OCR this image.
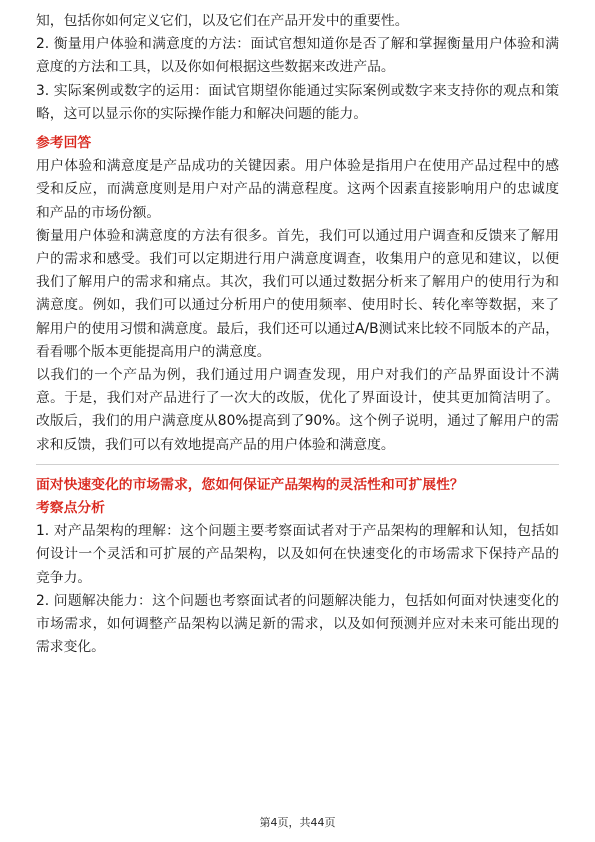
知，包括你如何定义它们，以及它们在产品开发中的重要性。

2. 衡量用户体验和满意度的方法：面试官想知道你是否了解和掌握衡量用户体验和满意度的方法和工具，以及你如何根据这些数据来改进产品。

3. 实际案例或数字的运用：面试官期望你能通过实际案例或数字来支持你的观点和策略，这可以显示你的实际操作能力和解决问题的能力。

参考回答

用户体验和满意度是产品成功的关键因素。用户体验是指用户在使用产品过程中的感受和反应，而满意度则是用户对产品的满意程度。这两个因素直接影响用户的忠诚度和产品的市场份额。

衡量用户体验和满意度的方法有很多。首先，我们可以通过用户调查和反馈来了解用户的需求和感受。我们可以定期进行用户满意度调查，收集用户的意见和建议，以便我们了解用户的需求和痛点。其次，我们可以通过数据分析来了解用户的使用行为和满意度。例如，我们可以通过分析用户的使用频率、使用时长、转化率等数据，来了解用户的使用习惯和满意度。最后，我们还可以通过A/B测试来比较不同版本的产品，看看哪个版本更能提高用户的满意度。

以我们的一个产品为例，我们通过用户调查发现，用户对我们的产品界面设计不满意。于是，我们对产品进行了一次大的改版，优化了界面设计，使其更加简洁明了。改版后，我们的用户满意度从80%提高到了90%。这个例子说明，通过了解用户的需求和反馈，我们可以有效地提高产品的用户体验和满意度。

面对快速变化的市场需求，您如何保证产品架构的灵活性和可扩展性？

考察点分析

1. 对产品架构的理解：这个问题主要考察面试者对于产品架构的理解和认知，包括如何设计一个灵活和可扩展的产品架构，以及如何在快速变化的市场需求下保持产品的竞争力。

2. 问题解决能力：这个问题也考察面试者的问题解决能力，包括如何面对快速变化的市场需求，如何调整产品架构以满足新的需求，以及如何预测并应对未来可能出现的需求变化。

第4页，共44页
